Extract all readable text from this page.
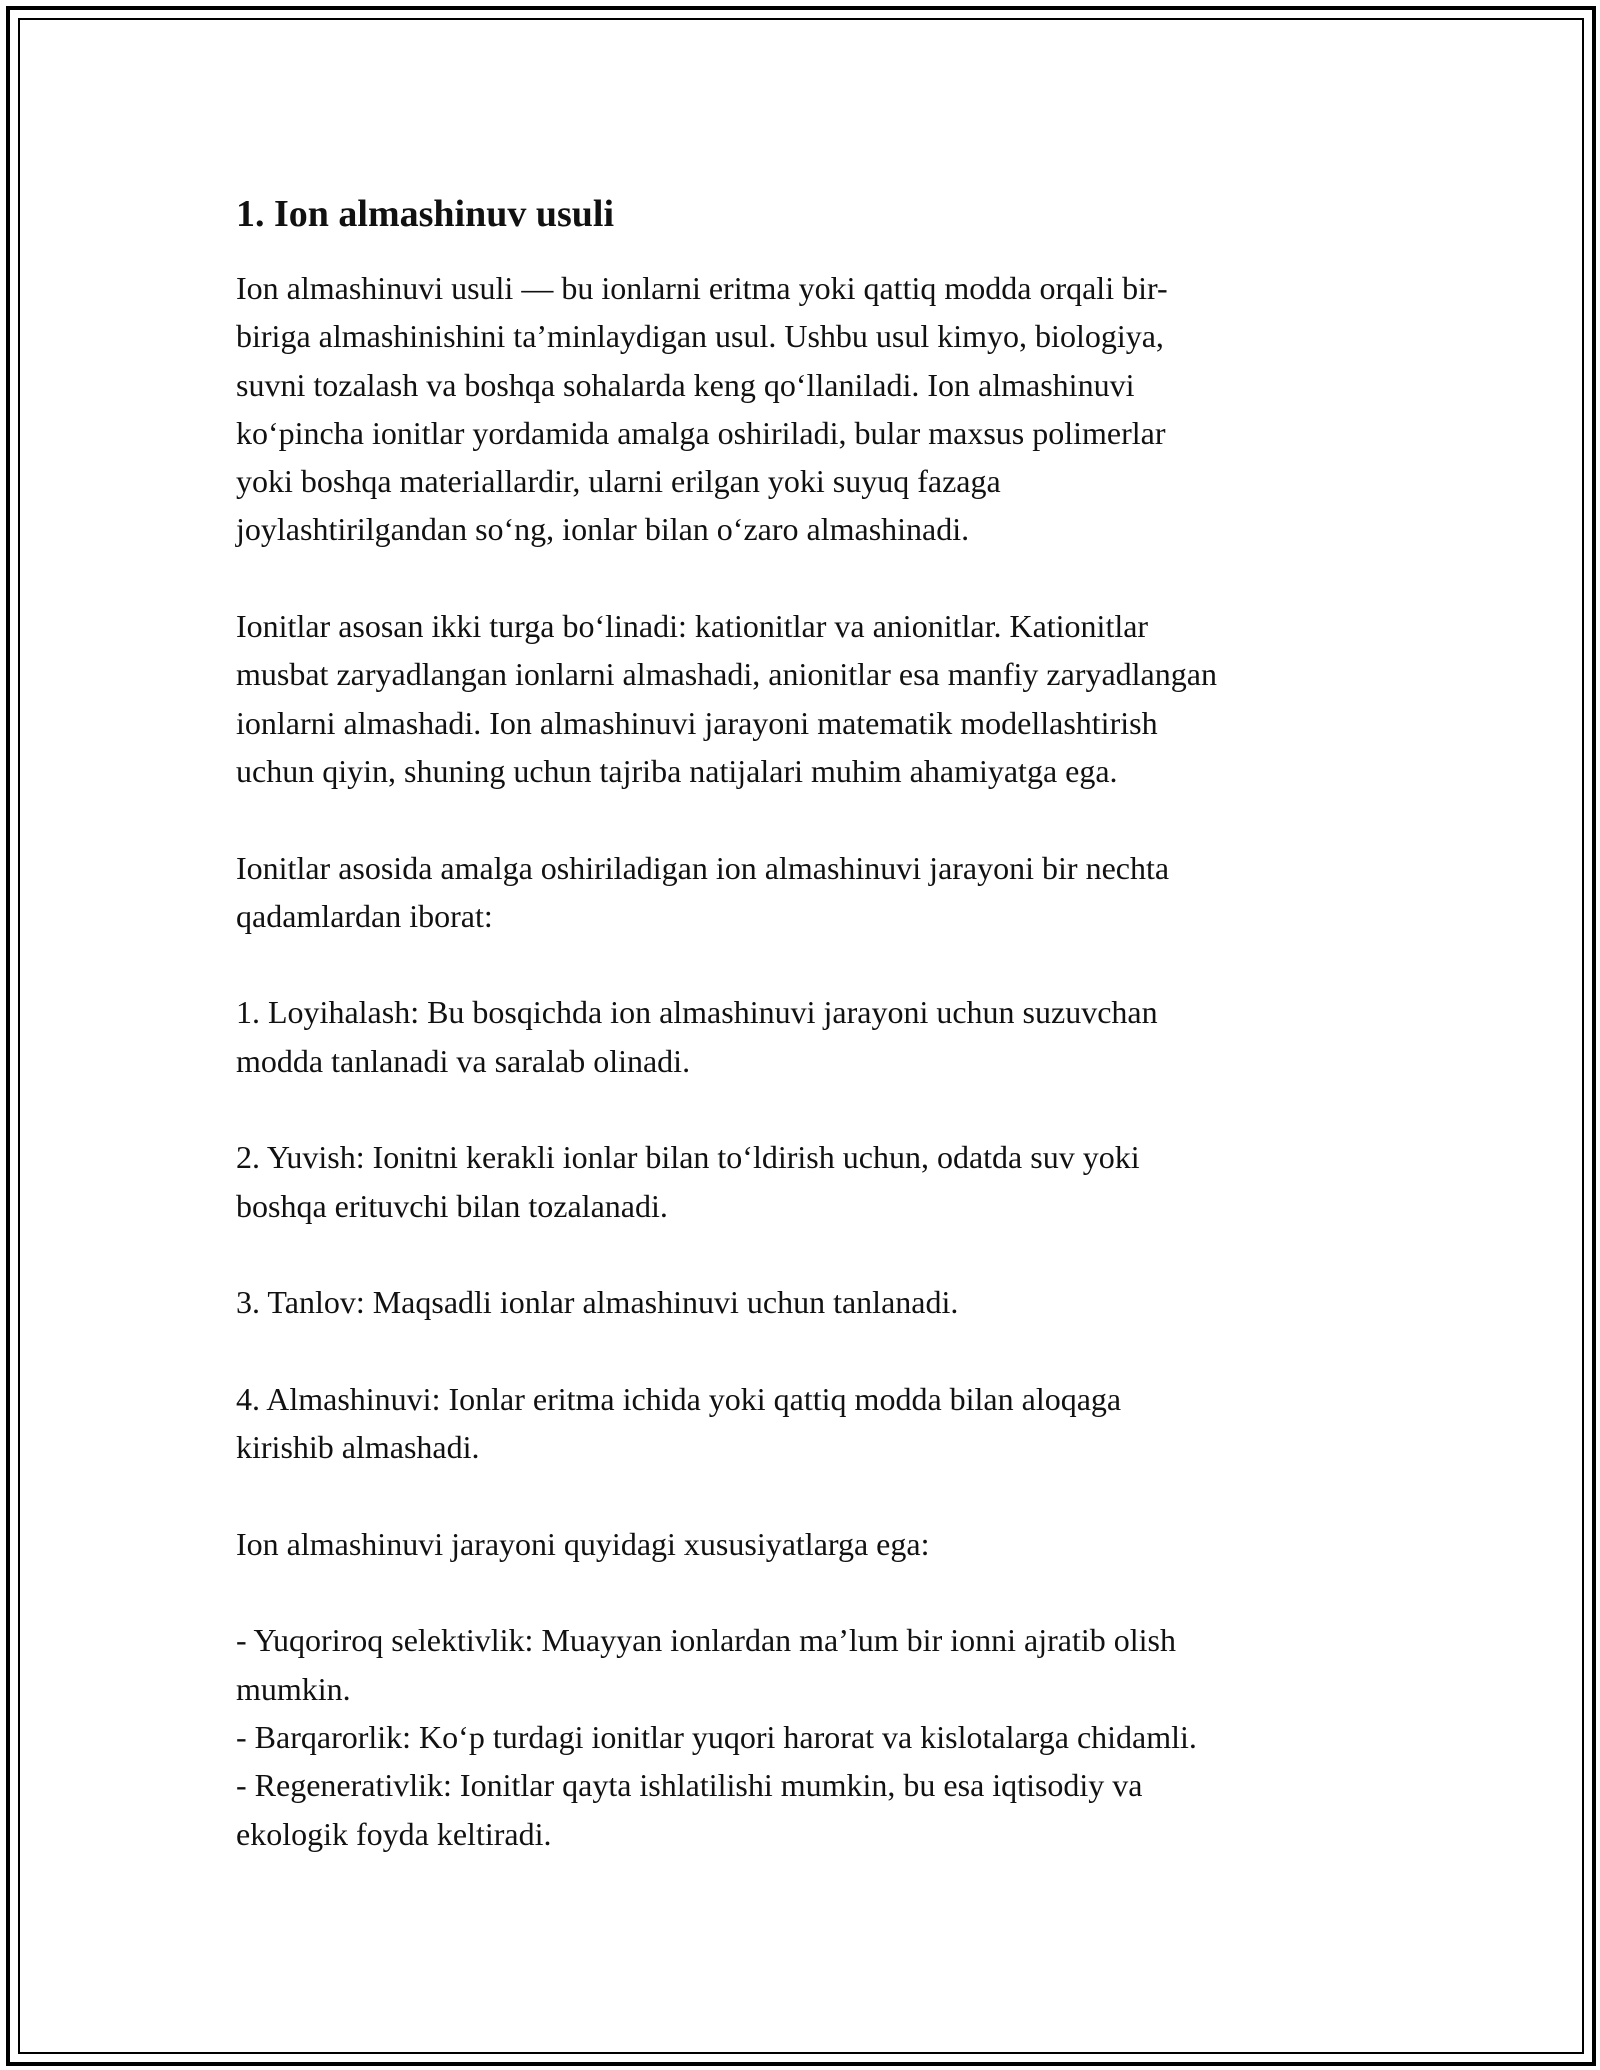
1. Ion almashinuv usuli

Ion almashinuvi usuli — bu ionlarni eritma yoki qattiq modda orqali bir-
biriga almashinishini ta’minlaydigan usul. Ushbu usul kimyo, biologiya,
suvni tozalash va boshqa sohalarda keng qo‘llaniladi. Ion almashinuvi
ko‘pincha ionitlar yordamida amalga oshiriladi, bular maxsus polimerlar
yoki boshqa materiallardir, ularni erilgan yoki suyuq fazaga
joylashtirilgandan so‘ng, ionlar bilan o‘zaro almashinadi.

Ionitlar asosan ikki turga bo‘linadi: kationitlar va anionitlar. Kationitlar
musbat zaryadlangan ionlarni almashadi, anionitlar esa manfiy zaryadlangan
ionlarni almashadi. Ion almashinuvi jarayoni matematik modellashtirish
uchun qiyin, shuning uchun tajriba natijalari muhim ahamiyatga ega.

Ionitlar asosida amalga oshiriladigan ion almashinuvi jarayoni bir nechta
qadamlardan iborat:

1. Loyihalash: Bu bosqichda ion almashinuvi jarayoni uchun suzuvchan
modda tanlanadi va saralab olinadi.

2. Yuvish: Ionitni kerakli ionlar bilan to‘ldirish uchun, odatda suv yoki
boshqa erituvchi bilan tozalanadi.

3. Tanlov: Maqsadli ionlar almashinuvi uchun tanlanadi.

4. Almashinuvi: Ionlar eritma ichida yoki qattiq modda bilan aloqaga
kirishib almashadi.

Ion almashinuvi jarayoni quyidagi xususiyatlarga ega:

- Yuqoriroq selektivlik: Muayyan ionlardan ma’lum bir ionni ajratib olish
mumkin.

- Barqarorlik: Ko‘p turdagi ionitlar yuqori harorat va kislotalarga chidamli.

- Regenerativlik: Ionitlar qayta ishlatilishi mumkin, bu esa iqtisodiy va
ekologik foyda keltiradi.
